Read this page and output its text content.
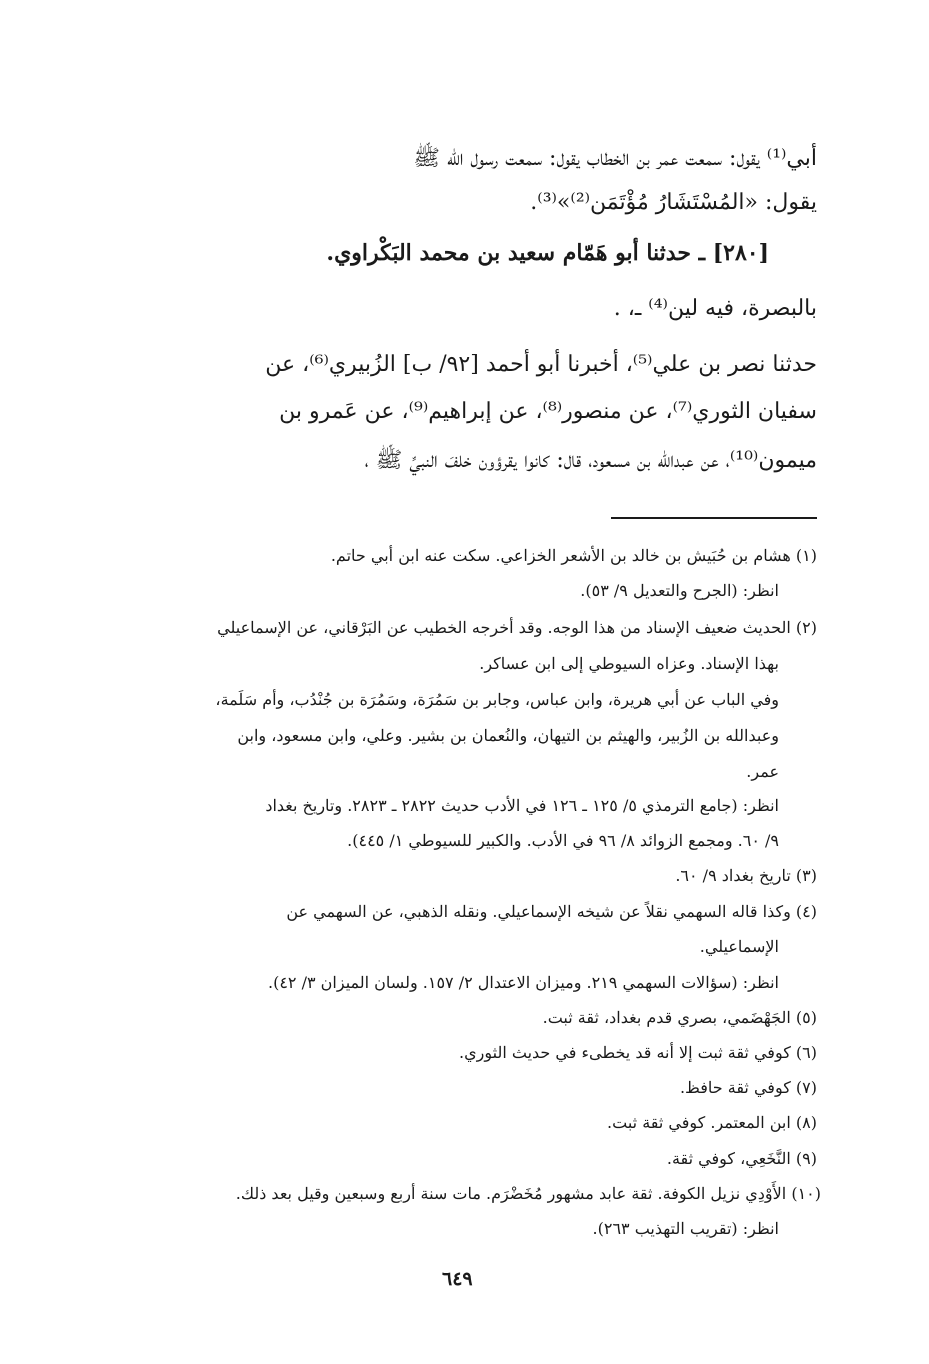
أبي⁽¹⁾ يقول: سمعت عمر بن الخطاب يقول: سمعت رسول الله ﷺ
يقول: «المُسْتَشَارُ مُؤْتَمَن⁽²⁾»⁽³⁾.
[٢٨٠] ـ حدثنا أبو هَمّام سعيد بن محمد البَكْراوي.
بالبصرة، فيه لين⁽⁴⁾ ـ، .
حدثنا نصر بن علي⁽⁵⁾، أخبرنا أبو أحمد [٩٢/ ب] الزُبيري⁽⁶⁾، عن
سفيان الثوري⁽⁷⁾، عن منصور⁽⁸⁾، عن إبراهيم⁽⁹⁾، عن عَمرو بن
ميمون⁽¹⁰⁾، عن عبدالله بن مسعود، قال: كانوا يقرؤون خلفَ النبيِّ ﷺ ،
(١) هشام بن حُبَيش بن خالد بن الأشعر الخزاعي. سكت عنه ابن أبي حاتم.
انظر: (الجرح والتعديل ٩/ ٥٣).
(٢) الحديث ضعيف الإسناد من هذا الوجه. وقد أخرجه الخطيب عن البَرْقاني، عن الإسماعيلي
بهذا الإسناد. وعزاه السيوطي إلى ابن عساكر.
وفي الباب عن أبي هريرة، وابن عباس، وجابر بن سَمُرَة، وسَمُرَة بن جُنْدُب، وأم سَلَمة،
وعبدالله بن الزُبير، والهيثم بن التيهان، والنُعمان بن بشير. وعلي، وابن مسعود، وابن
عمر.
انظر: (جامع الترمذي ٥/ ١٢٥ ـ ١٢٦ في الأدب حديث ٢٨٢٢ ـ ٢٨٢٣. وتاريخ بغداد
٩/ ٦٠. ومجمع الزوائد ٨/ ٩٦ في الأدب. والكبير للسيوطي ١/ ٤٤٥).
(٣) تاريخ بغداد ٩/ ٦٠.
(٤) وكذا قاله السهمي نقلاً عن شيخه الإسماعيلي. ونقله الذهبي، عن السهمي عن
الإسماعيلي.
انظر: (سؤالات السهمي ٢١٩. وميزان الاعتدال ٢/ ١٥٧. ولسان الميزان ٣/ ٤٢).
(٥) الجَهْضَمي، بصري قدم بغداد، ثقة ثبت.
(٦) كوفي ثقة ثبت إلا أنه قد يخطىء في حديث الثوري.
(٧) كوفي ثقة حافظ.
(٨) ابن المعتمر. كوفي ثقة ثبت.
(٩) النَّخَعِي، كوفي ثقة.
(١٠) الأَوْدِي نزيل الكوفة. ثقة عابد مشهور مُخَضْرَم. مات سنة أربع وسبعين وقيل بعد ذلك.
انظر: (تقريب التهذيب ٢٦٣).
٦٤٩
